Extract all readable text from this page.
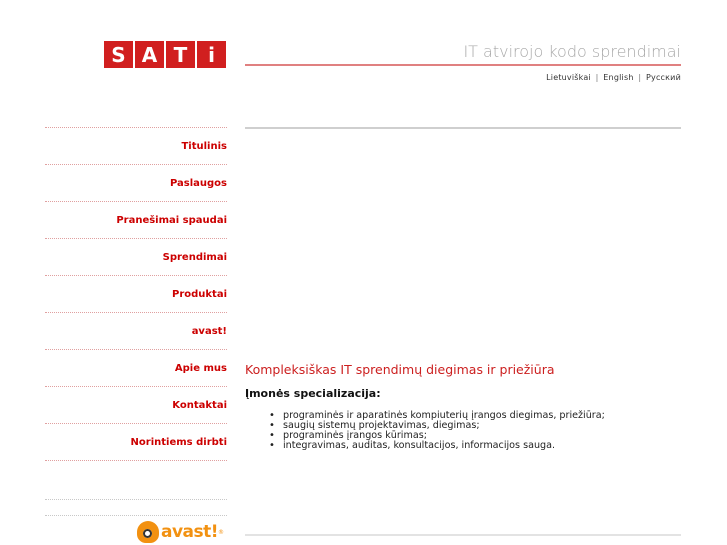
S A T	i	IT atvirojo kodo sprendimai
Lietuviškai | English | Русский
Titulinis
Paslaugos
Pranešimai spaudai
Sprendimai
Produktai
avast!
Apie mus
Kontaktai
Norintiems dirbti
avast! ®
Kompleksiškas IT sprendimų diegimas ir priežiūra
Įmonės specializacija:
• programinės ir aparatinės kompiuterių įrangos diegimas, priežiūra;
• saugių sistemų projektavimas, diegimas;
• programinės įrangos kūrimas;
• integravimas, auditas, konsultacijos, informacijos sauga.
